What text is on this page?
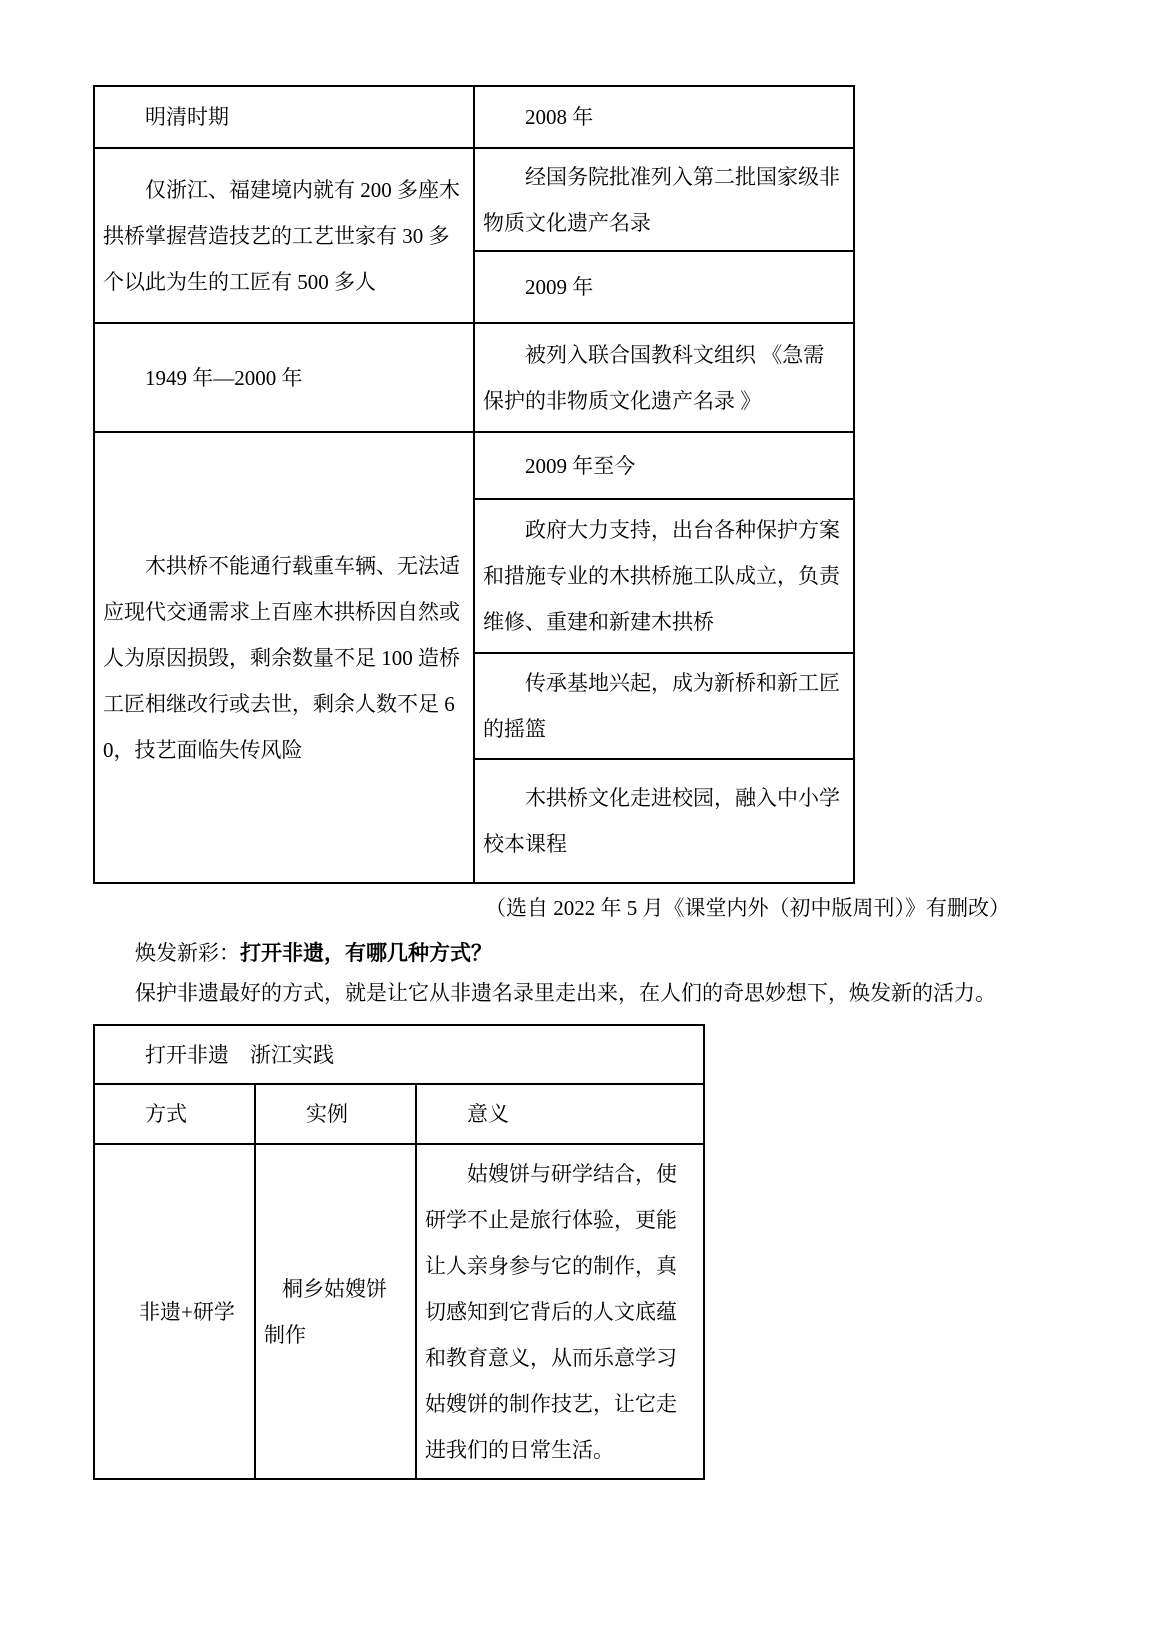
明清时期	2008 年
仅浙江、福建境内就有 200 多座木拱桥掌握营造技艺的工艺世家有 30 多个以此为生的工匠有 500 多人	经国务院批准列入第二批国家级非物质文化遗产名录
	2009 年
1949 年—2000 年	被列入联合国教科文组织 《急需保护的非物质文化遗产名录 》
木拱桥不能通行载重车辆、无法适应现代交通需求上百座木拱桥因自然或人为原因损毁，剩余数量不足 100 造桥工匠相继改行或去世，剩余人数不足 60，技艺面临失传风险	2009 年至今
	政府大力支持，出台各种保护方案和措施专业的木拱桥施工队成立，负责维修、重建和新建木拱桥
	传承基地兴起，成为新桥和新工匠的摇篮
	木拱桥文化走进校园，融入中小学校本课程
（选自 2022 年 5 月《课堂内外（初中版周刊）》有删改）
焕发新彩：打开非遗，有哪几种方式？
保护非遗最好的方式，就是让它从非遗名录里走出来，在人们的奇思妙想下，焕发新的活力。
打开非遗　浙江实践		
方式	实例	意义
非遗+研学	桐乡姑嫂饼制作	姑嫂饼与研学结合，使研学不止是旅行体验，更能让人亲身参与它的制作，真切感知到它背后的人文底蕴和教育意义，从而乐意学习姑嫂饼的制作技艺，让它走进我们的日常生活。
